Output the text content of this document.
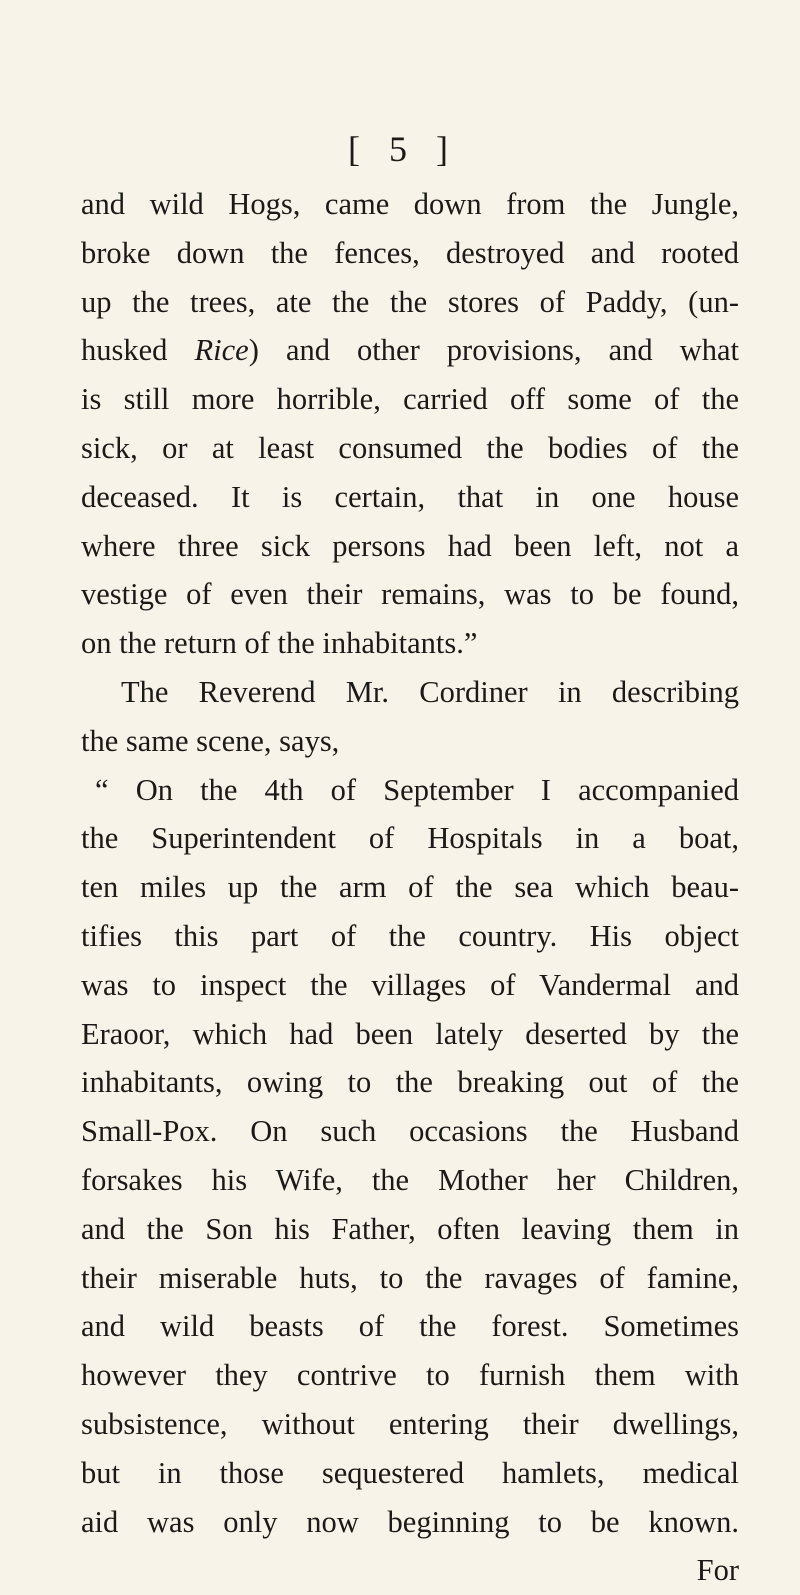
[ 5 ]
and wild Hogs, came down from the Jungle,
broke down the fences, destroyed and rooted
up the trees, ate the the stores of Paddy, (un-
husked Rice) and other provisions, and what
is still more horrible, carried off some of the
sick, or at least consumed the bodies of the
deceased. It is certain, that in one house
where three sick persons had been left, not a
vestige of even their remains, was to be found,
on the return of the inhabitants.”
The Reverend Mr. Cordiner in describing
the same scene, says,
“ On the 4th of September I accompanied
the Superintendent of Hospitals in a boat,
ten miles up the arm of the sea which beau-
tifies this part of the country. His object
was to inspect the villages of Vandermal and
Eraoor, which had been lately deserted by the
inhabitants, owing to the breaking out of the
Small-Pox. On such occasions the Husband
forsakes his Wife, the Mother her Children,
and the Son his Father, often leaving them in
their miserable huts, to the ravages of famine,
and wild beasts of the forest. Sometimes
however they contrive to furnish them with
subsistence, without entering their dwellings,
but in those sequestered hamlets, medical
aid was only now beginning to be known.
For
